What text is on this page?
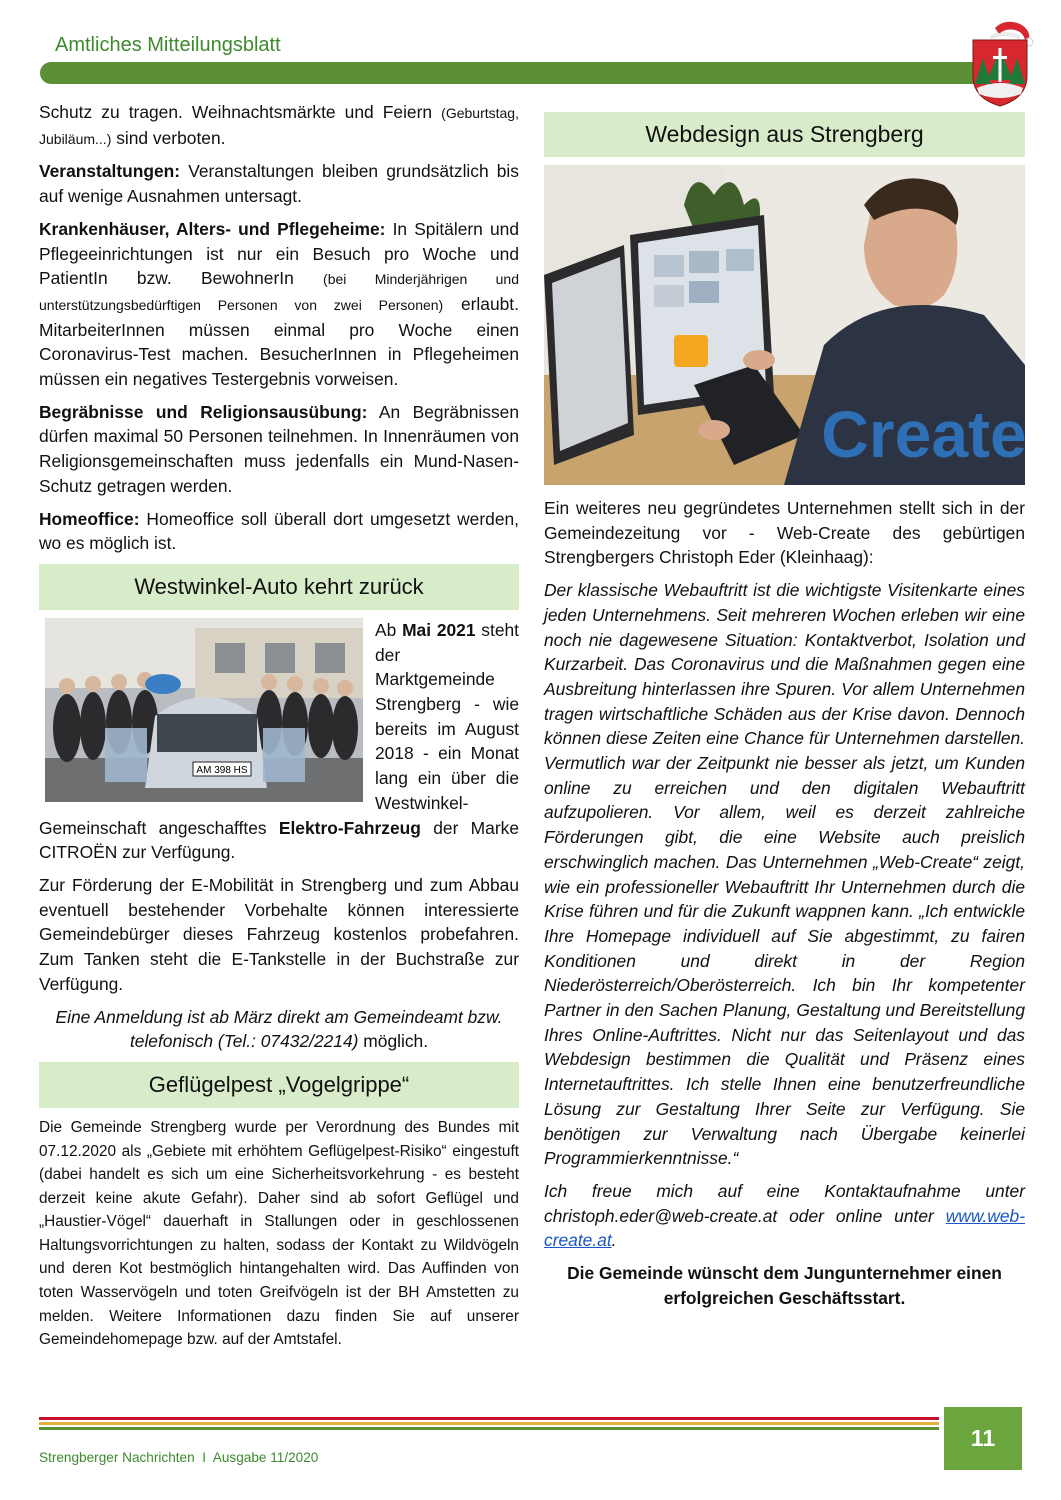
Amtliches Mitteilungsblatt

Schutz zu tragen. Weihnachtsmärkte und Feiern (Geburtstag, Jubiläum...) sind verboten.

Veranstaltungen: Veranstaltungen bleiben grundsätzlich bis auf wenige Ausnahmen untersagt.

Krankenhäuser, Alters- und Pflegeheime: In Spitälern und Pflegeeinrichtungen ist nur ein Besuch pro Woche und PatientIn bzw. BewohnerIn (bei Minderjährigen und unterstützungsbedürftigen Personen von zwei Personen) erlaubt. MitarbeiterInnen müssen einmal pro Woche einen Coronavirus-Test machen. BesucherInnen in Pflegeheimen müssen ein negatives Testergebnis vorweisen.

Begräbnisse und Religionsausübung: An Begräbnissen dürfen maximal 50 Personen teilnehmen. In Innenräumen von Religionsgemeinschaften muss jedenfalls ein Mund-Nasen-Schutz getragen werden.

Homeoffice: Homeoffice soll überall dort umgesetzt werden, wo es möglich ist.

Westwinkel-Auto kehrt zurück
AM 398 HS

Ab Mai 2021 steht der Marktgemeinde Strengberg - wie bereits im August 2018 - ein Monat lang ein über die Westwinkel-Gemeinschaft angeschafftes Elektro-Fahrzeug der Marke CITROËN zur Verfügung.

Zur Förderung der E-Mobilität in Strengberg und zum Abbau eventuell bestehender Vorbehalte können interessierte Gemeindebürger dieses Fahrzeug kostenlos probefahren. Zum Tanken steht die E-Tankstelle in der Buchstraße zur Verfügung.

Eine Anmeldung ist ab März direkt am Gemeindeamt bzw. telefonisch (Tel.: 07432/2214) möglich.

Geflügelpest „Vogelgrippe“

Die Gemeinde Strengberg wurde per Verordnung des Bundes mit 07.12.2020 als „Gebiete mit erhöhtem Geflügelpest-Risiko“ eingestuft (dabei handelt es sich um eine Sicherheitsvorkehrung - es besteht derzeit keine akute Gefahr). Daher sind ab sofort Geflügel und „Haustier-Vögel“ dauerhaft in Stallungen oder in geschlossenen Haltungsvorrichtungen zu halten, sodass der Kontakt zu Wildvögeln und deren Kot bestmöglich hintangehalten wird. Das Auffinden von toten Wasservögeln und toten Greifvögeln ist der BH Amstetten zu melden. Weitere Informationen dazu finden Sie auf unserer Gemeindehomepage bzw. auf der Amtstafel.

Webdesign aus Strengberg
Create

Ein weiteres neu gegründetes Unternehmen stellt sich in der Gemeindezeitung vor - Web-Create des gebürtigen Strengbergers Christoph Eder (Kleinhaag):

Der klassische Webauftritt ist die wichtigste Visitenkarte eines jeden Unternehmens. Seit mehreren Wochen erleben wir eine noch nie dagewesene Situation: Kontaktverbot, Isolation und Kurzarbeit. Das Coronavirus und die Maßnahmen gegen eine Ausbreitung hinterlassen ihre Spuren. Vor allem Unternehmen tragen wirtschaftliche Schäden aus der Krise davon. Dennoch können diese Zeiten eine Chance für Unternehmen darstellen. Vermutlich war der Zeitpunkt nie besser als jetzt, um Kunden online zu erreichen und den digitalen Webauftritt aufzupolieren. Vor allem, weil es derzeit zahlreiche Förderungen gibt, die eine Website auch preislich erschwinglich machen. Das Unternehmen „Web-Create“ zeigt, wie ein professioneller Webauftritt Ihr Unternehmen durch die Krise führen und für die Zukunft wappnen kann. „Ich entwickle Ihre Homepage individuell auf Sie abgestimmt, zu fairen Konditionen und direkt in der Region Niederösterreich/Oberösterreich. Ich bin Ihr kompetenter Partner in den Sachen Planung, Gestaltung und Bereitstellung Ihres Online-Auftrittes. Nicht nur das Seitenlayout und das Webdesign bestimmen die Qualität und Präsenz eines Internetauftrittes. Ich stelle Ihnen eine benutzerfreundliche Lösung zur Gestaltung Ihrer Seite zur Verfügung. Sie benötigen zur Verwaltung nach Übergabe keinerlei Programmierkenntnisse.“

Ich freue mich auf eine Kontaktaufnahme unter christoph.eder@web-create.at oder online unter www.web-create.at.

Die Gemeinde wünscht dem Jungunternehmer einen erfolgreichen Geschäftsstart.
Strengberger Nachrichten  I  Ausgabe 11/2020
11
